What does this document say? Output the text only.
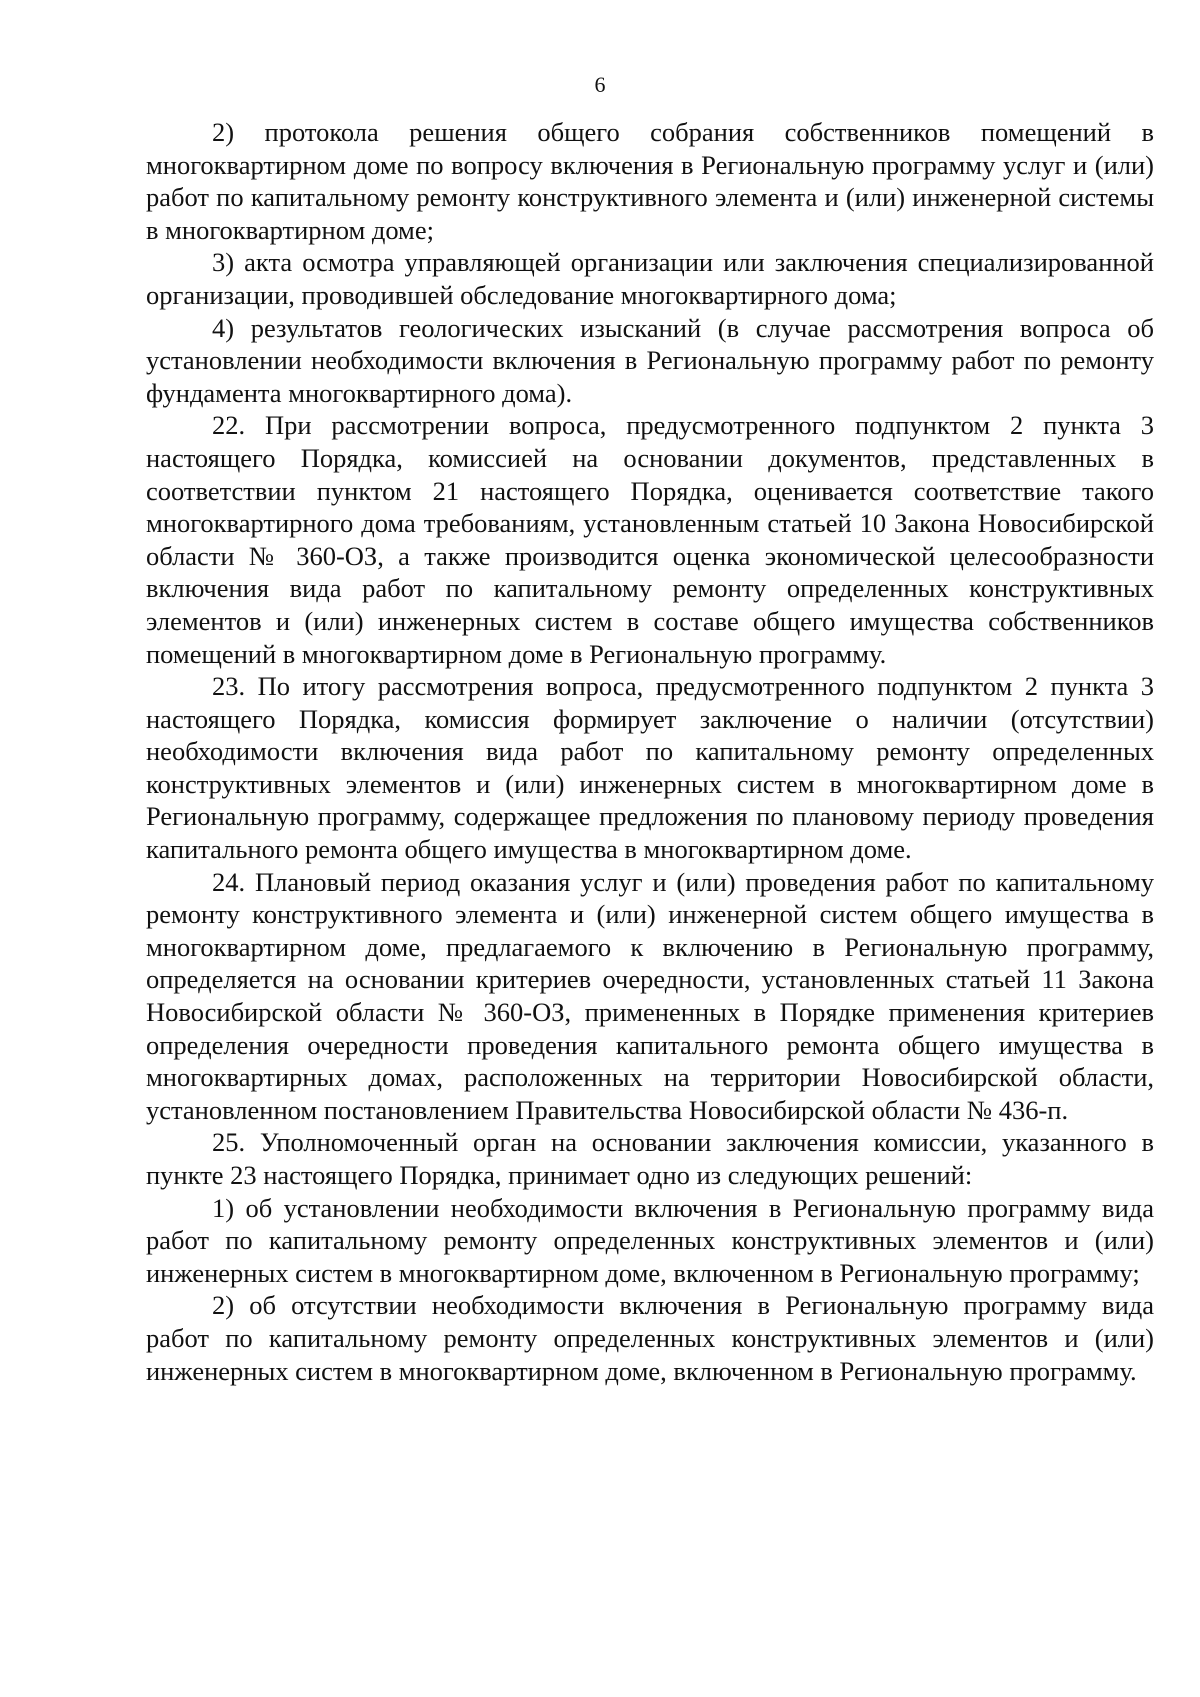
6

2) протокола решения общего собрания собственников помещений в многоквартирном доме по вопросу включения в Региональную программу услуг и (или) работ по капитальному ремонту конструктивного элемента и (или) инженерной системы в многоквартирном доме;

3) акта осмотра управляющей организации или заключения специализированной организации, проводившей обследование многоквартирного дома;

4) результатов геологических изысканий (в случае рассмотрения вопроса об установлении необходимости включения в Региональную программу работ по ремонту фундамента многоквартирного дома).

22. При рассмотрении вопроса, предусмотренного подпунктом 2 пункта 3 настоящего Порядка, комиссией на основании документов, представленных в соответствии пунктом 21 настоящего Порядка, оценивается соответствие такого многоквартирного дома требованиям, установленным статьей 10 Закона Новосибирской области № 360-ОЗ, а также производится оценка экономической целесообразности включения вида работ по капитальному ремонту определенных конструктивных элементов и (или) инженерных систем в составе общего имущества собственников помещений в многоквартирном доме в Региональную программу.

23. По итогу рассмотрения вопроса, предусмотренного подпунктом 2 пункта 3 настоящего Порядка, комиссия формирует заключение о наличии (отсутствии) необходимости включения вида работ по капитальному ремонту определенных конструктивных элементов и (или) инженерных систем в многоквартирном доме в Региональную программу, содержащее предложения по плановому периоду проведения капитального ремонта общего имущества в многоквартирном доме.

24. Плановый период оказания услуг и (или) проведения работ по капитальному ремонту конструктивного элемента и (или) инженерной систем общего имущества в многоквартирном доме, предлагаемого к включению в Региональную программу, определяется на основании критериев очередности, установленных статьей 11 Закона Новосибирской области № 360-ОЗ, примененных в Порядке применения критериев определения очередности проведения капитального ремонта общего имущества в многоквартирных домах, расположенных на территории Новосибирской области, установленном постановлением Правительства Новосибирской области № 436-п.

25. Уполномоченный орган на основании заключения комиссии, указанного в пункте 23 настоящего Порядка, принимает одно из следующих решений:

1) об установлении необходимости включения в Региональную программу вида работ по капитальному ремонту определенных конструктивных элементов и (или) инженерных систем в многоквартирном доме, включенном в Региональную программу;

2) об отсутствии необходимости включения в Региональную программу вида работ по капитальному ремонту определенных конструктивных элементов и (или) инженерных систем в многоквартирном доме, включенном в Региональную программу.
